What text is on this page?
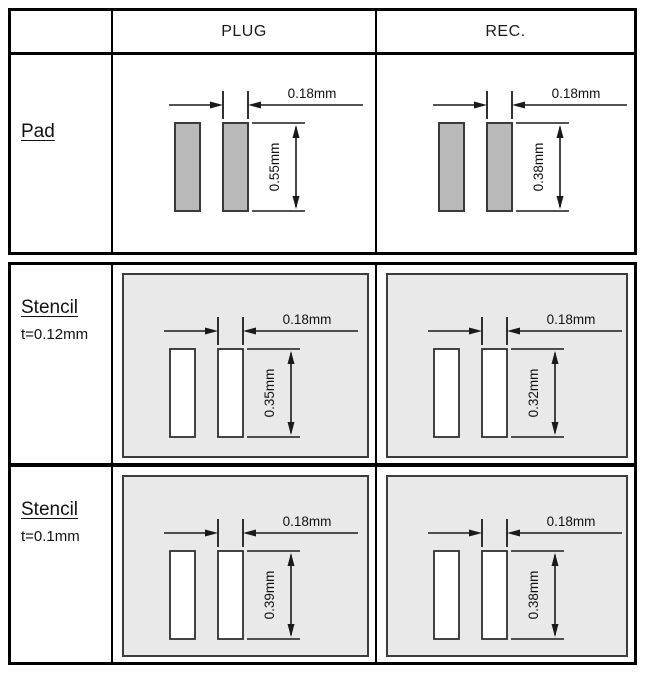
PLUG	REC.
Pad
0.18mm
0.55mm
0.18mm
0.38mm
Stencil
t=0.12mm
0.18mm
0.35mm
0.18mm
0.32mm
Stencil
t=0.1mm
0.18mm
0.39mm
0.18mm
0.38mm
